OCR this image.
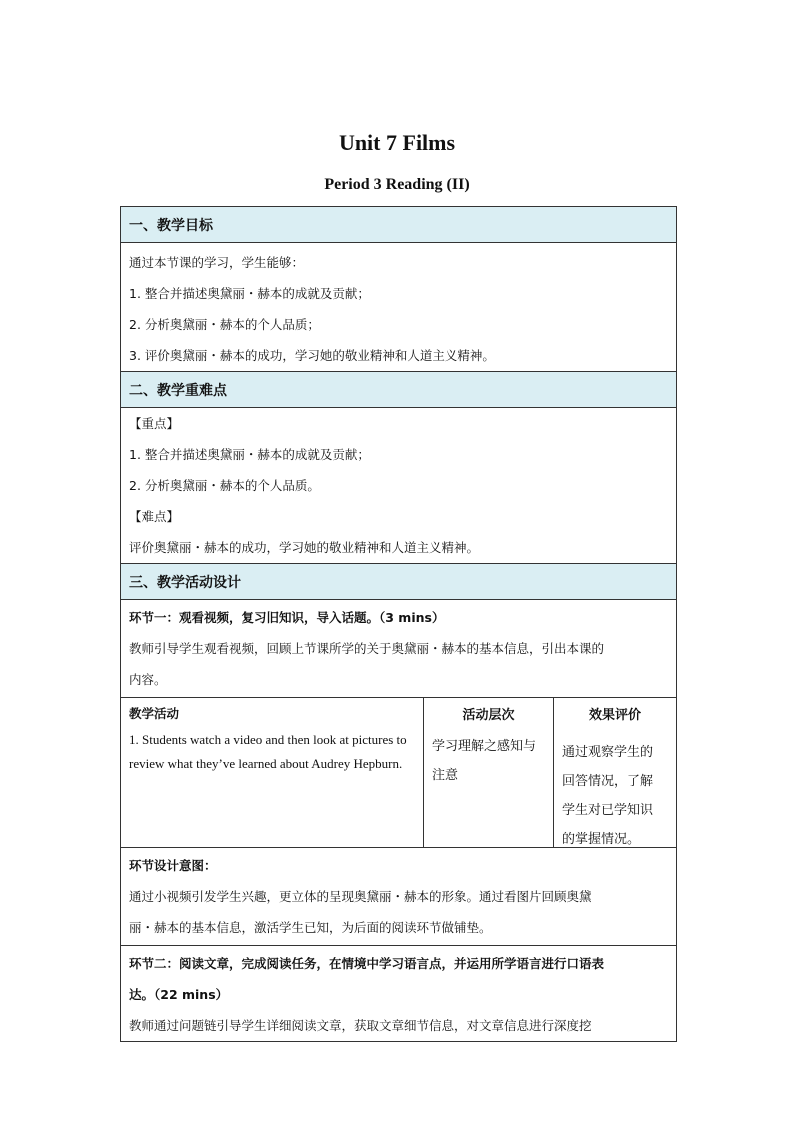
Unit 7 Films
Period 3 Reading (II)
一、教学目标
通过本节课的学习，学生能够：
1. 整合并描述奥黛丽・赫本的成就及贡献；
2. 分析奥黛丽・赫本的个人品质；
3. 评价奥黛丽・赫本的成功，学习她的敬业精神和人道主义精神。
二、教学重难点
【重点】
1. 整合并描述奥黛丽・赫本的成就及贡献；
2. 分析奥黛丽・赫本的个人品质。
【难点】
评价奥黛丽・赫本的成功，学习她的敬业精神和人道主义精神。
三、教学活动设计
环节一：观看视频，复习旧知识，导入话题。（3 mins）
教师引导学生观看视频，回顾上节课所学的关于奥黛丽・赫本的基本信息，引出本课的
内容。
教学活动
1. Students watch a video and then look at pictures to review what they’ve learned about Audrey Hepburn.
活动层次
学习理解之感知与
注意
效果评价
通过观察学生的
回答情况，了解
学生对已学知识
的掌握情况。
环节设计意图：
通过小视频引发学生兴趣，更立体的呈现奥黛丽・赫本的形象。通过看图片回顾奥黛
丽・赫本的基本信息，激活学生已知，为后面的阅读环节做铺垫。
环节二：阅读文章，完成阅读任务，在情境中学习语言点，并运用所学语言进行口语表
达。（22 mins）
教师通过问题链引导学生详细阅读文章，获取文章细节信息，对文章信息进行深度挖
